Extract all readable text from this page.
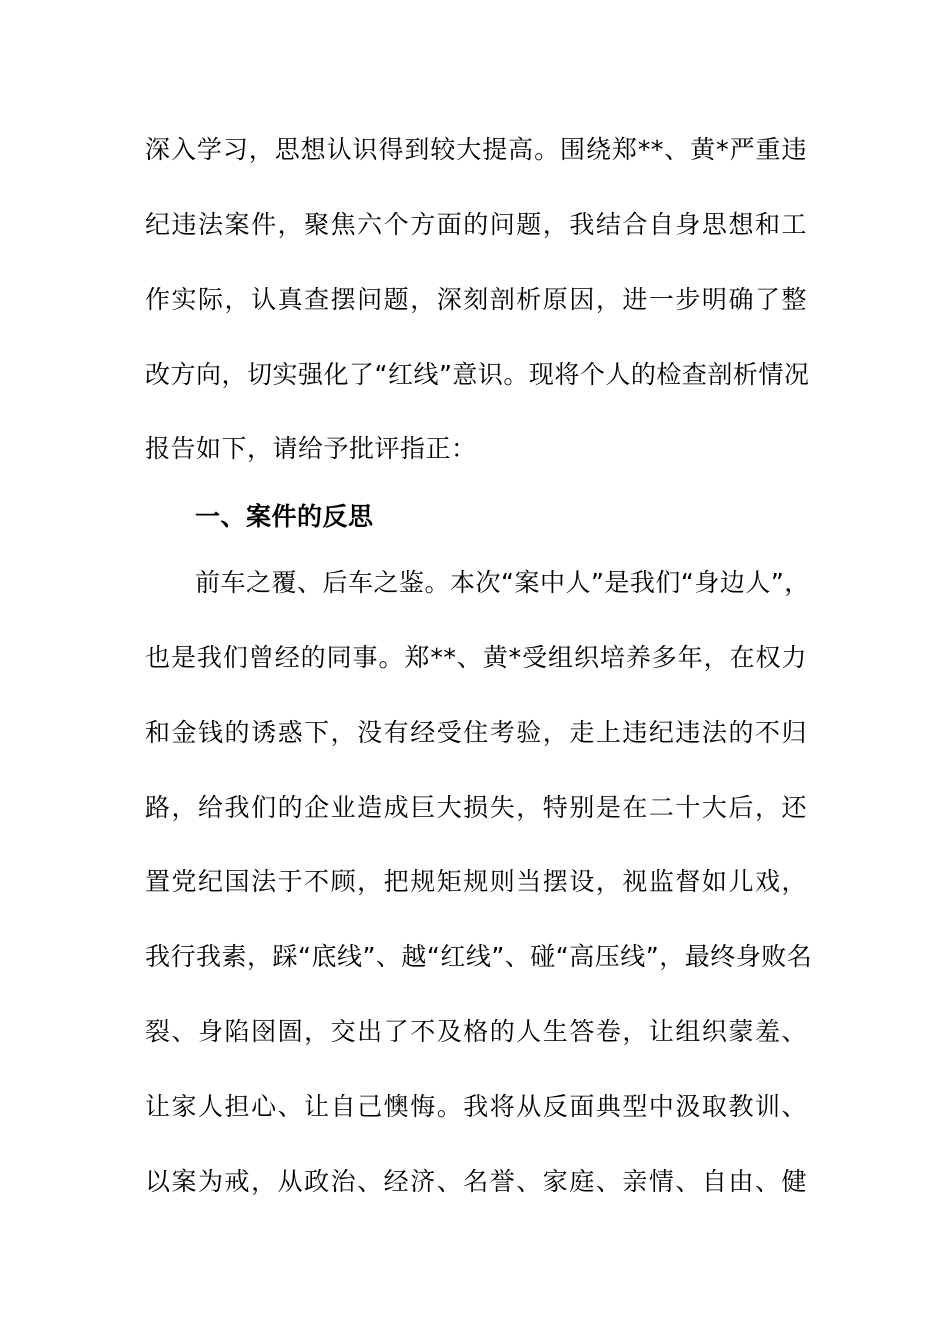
深入学习，思想认识得到较大提高。围绕郑**、黄*严重违
纪违法案件，聚焦六个方面的问题，我结合自身思想和工
作实际，认真查摆问题，深刻剖析原因，进一步明确了整
改方向，切实强化了“红线”意识。现将个人的检查剖析情况
报告如下，请给予批评指正：
一、案件的反思
前车之覆、后车之鉴。本次“案中人”是我们“身边人”，
也是我们曾经的同事。郑**、黄*受组织培养多年，在权力
和金钱的诱惑下，没有经受住考验，走上违纪违法的不归
路，给我们的企业造成巨大损失，特别是在二十大后，还
置党纪国法于不顾，把规矩规则当摆设，视监督如儿戏，
我行我素，踩“底线”、越“红线”、碰“高压线”，最终身败名
裂、身陷囹圄，交出了不及格的人生答卷，让组织蒙羞、
让家人担心、让自己懊悔。我将从反面典型中汲取教训、
以案为戒，从政治、经济、名誉、家庭、亲情、自由、健
